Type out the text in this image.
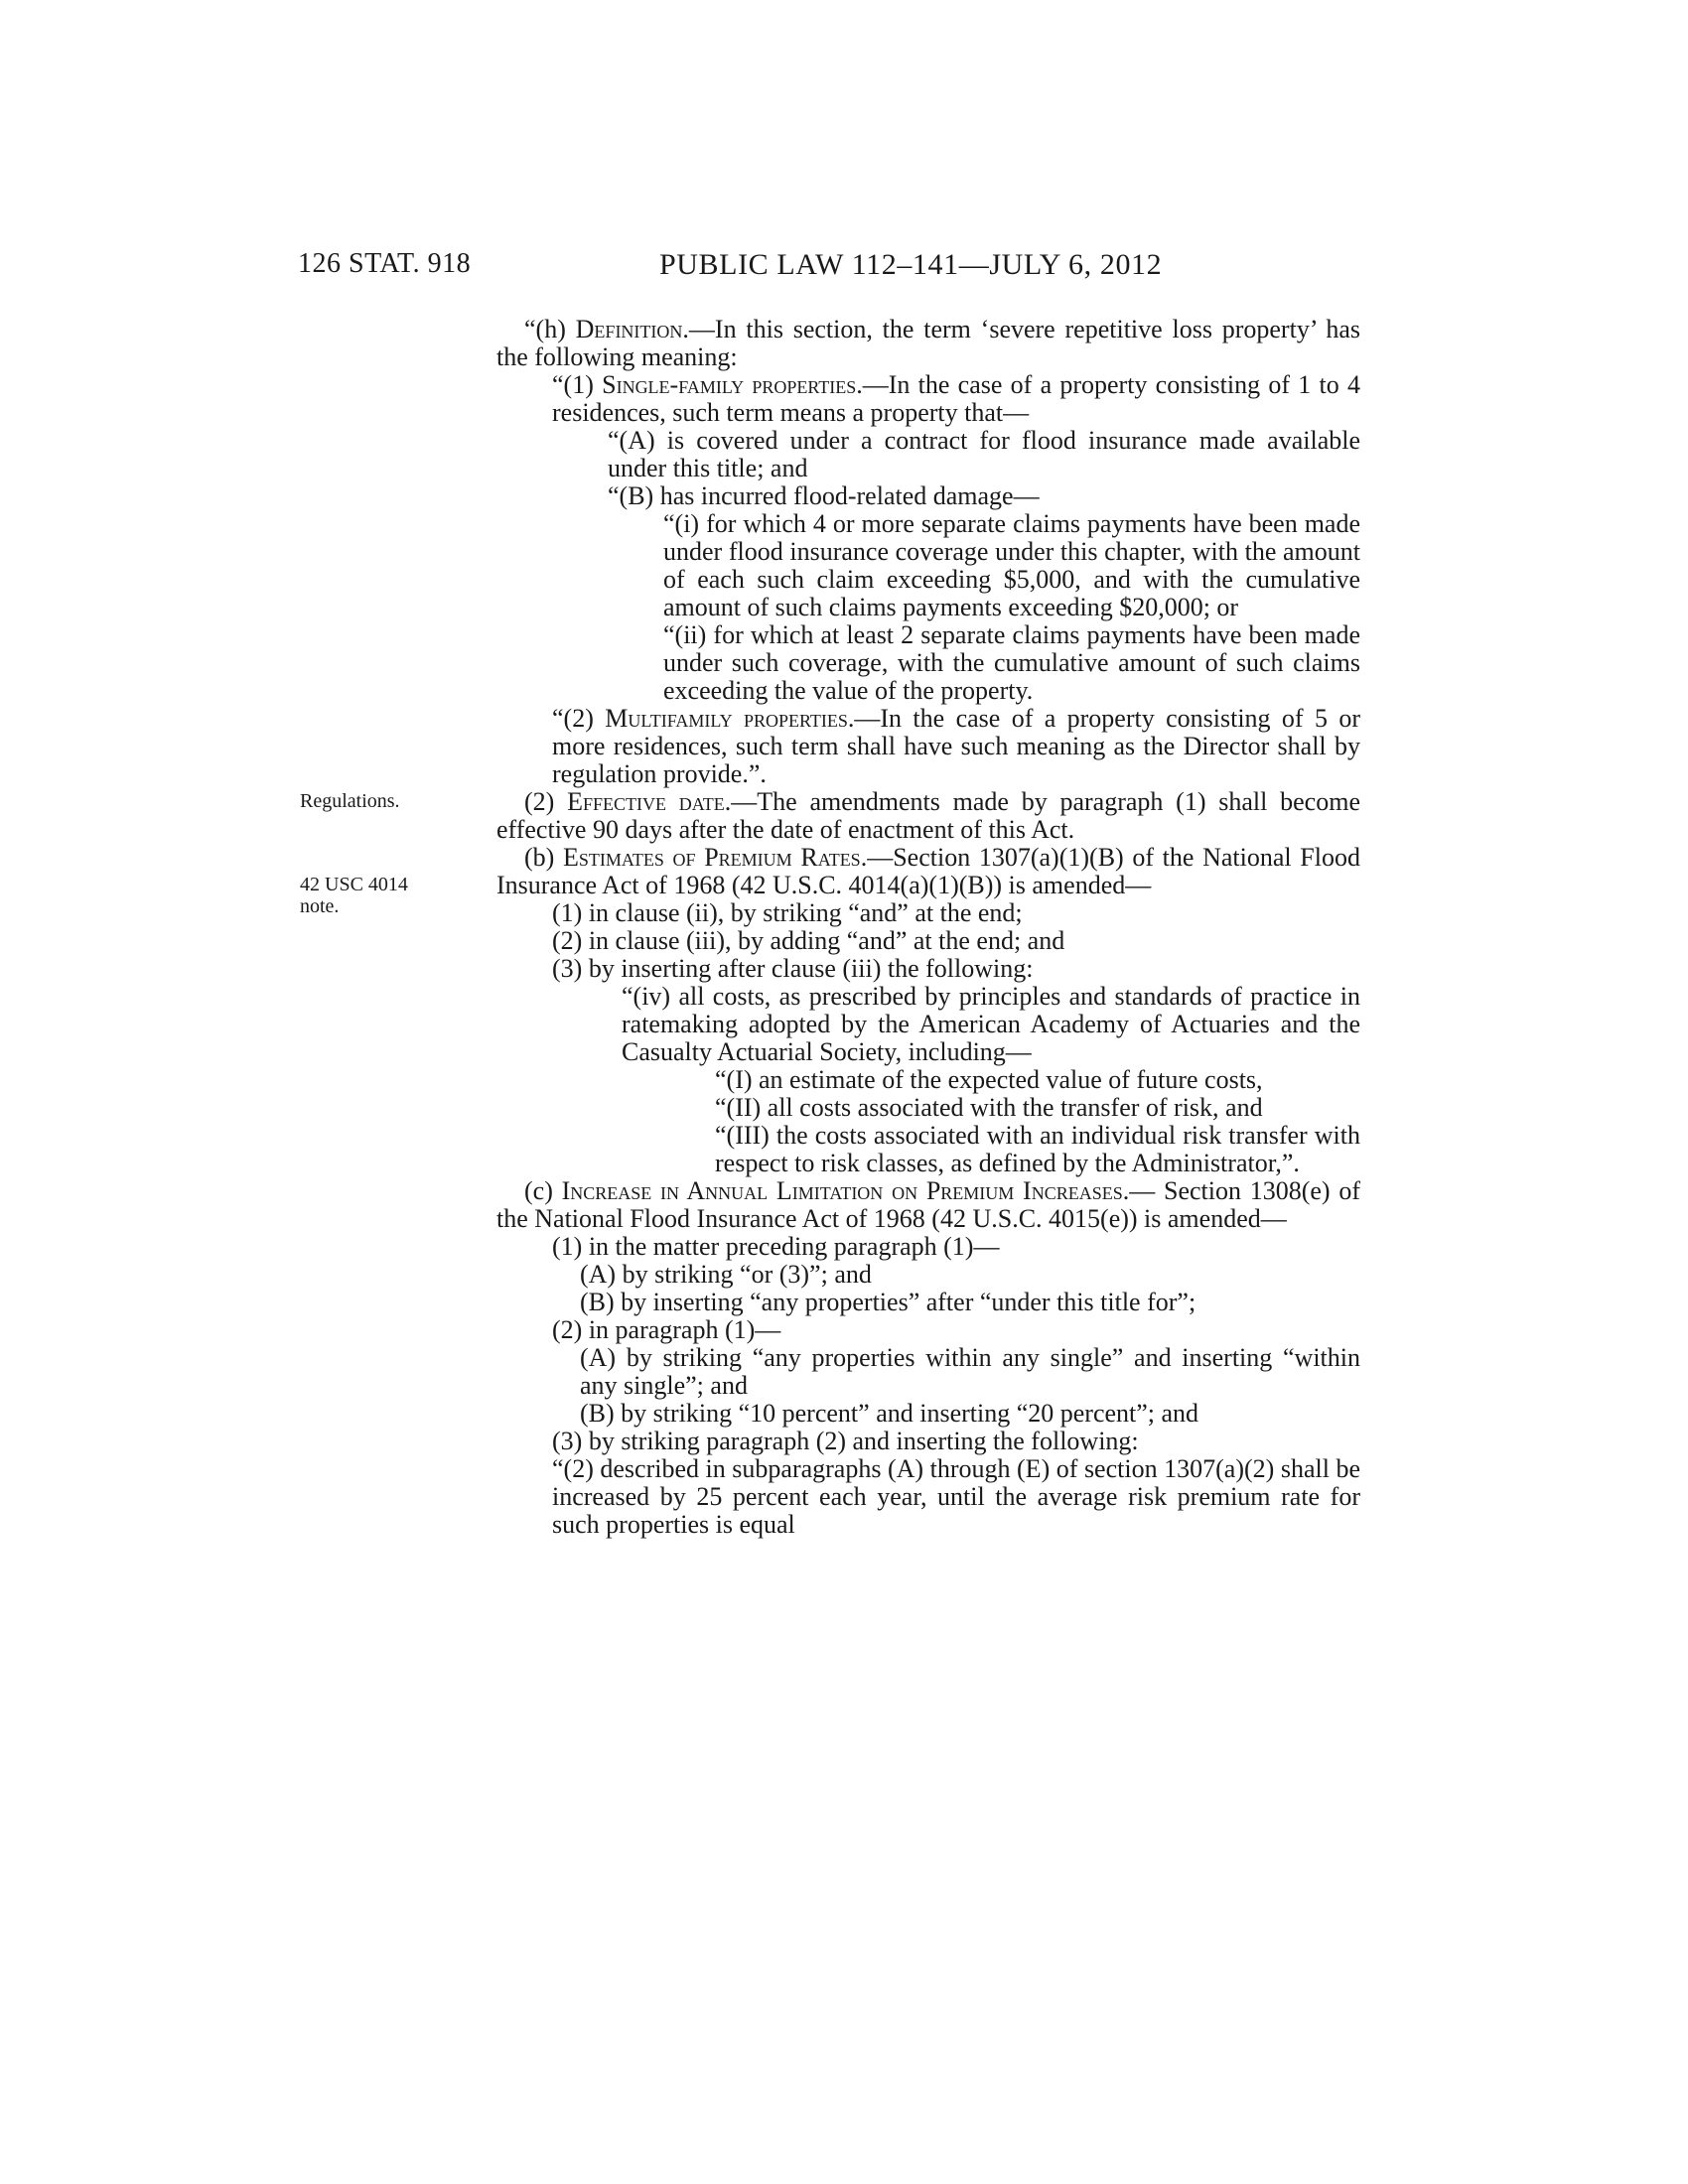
126 STAT. 918	PUBLIC LAW 112–141—JULY 6, 2012
Regulations.
42 USC 4014
note.

“(h) Definition.—In this section, the term ‘severe repetitive loss property’ has the following meaning:

“(1) Single-family properties.—In the case of a property consisting of 1 to 4 residences, such term means a property that—

“(A) is covered under a contract for flood insurance made available under this title; and

“(B) has incurred flood-related damage—

“(i) for which 4 or more separate claims payments have been made under flood insurance coverage under this chapter, with the amount of each such claim exceeding $5,000, and with the cumulative amount of such claims payments exceeding $20,000; or

“(ii) for which at least 2 separate claims payments have been made under such coverage, with the cumulative amount of such claims exceeding the value of the property.

“(2) Multifamily properties.—In the case of a property consisting of 5 or more residences, such term shall have such meaning as the Director shall by regulation provide.”.

(2) Effective date.—The amendments made by paragraph (1) shall become effective 90 days after the date of enactment of this Act.

(b) Estimates of Premium Rates.—Section 1307(a)(1)(B) of the National Flood Insurance Act of 1968 (42 U.S.C. 4014(a)(1)(B)) is amended—

(1) in clause (ii), by striking “and” at the end;

(2) in clause (iii), by adding “and” at the end; and

(3) by inserting after clause (iii) the following:

“(iv) all costs, as prescribed by principles and standards of practice in ratemaking adopted by the American Academy of Actuaries and the Casualty Actuarial Society, including—

“(I) an estimate of the expected value of future costs,

“(II) all costs associated with the transfer of risk, and

“(III) the costs associated with an individual risk transfer with respect to risk classes, as defined by the Administrator,”.

(c) Increase in Annual Limitation on Premium Increases.— Section 1308(e) of the National Flood Insurance Act of 1968 (42 U.S.C. 4015(e)) is amended—

(1) in the matter preceding paragraph (1)—

(A) by striking “or (3)”; and

(B) by inserting “any properties” after “under this title for”;

(2) in paragraph (1)—

(A) by striking “any properties within any single” and inserting “within any single”; and

(B) by striking “10 percent” and inserting “20 percent”; and

(3) by striking paragraph (2) and inserting the following:

“(2) described in subparagraphs (A) through (E) of section 1307(a)(2) shall be increased by 25 percent each year, until the average risk premium rate for such properties is equal
